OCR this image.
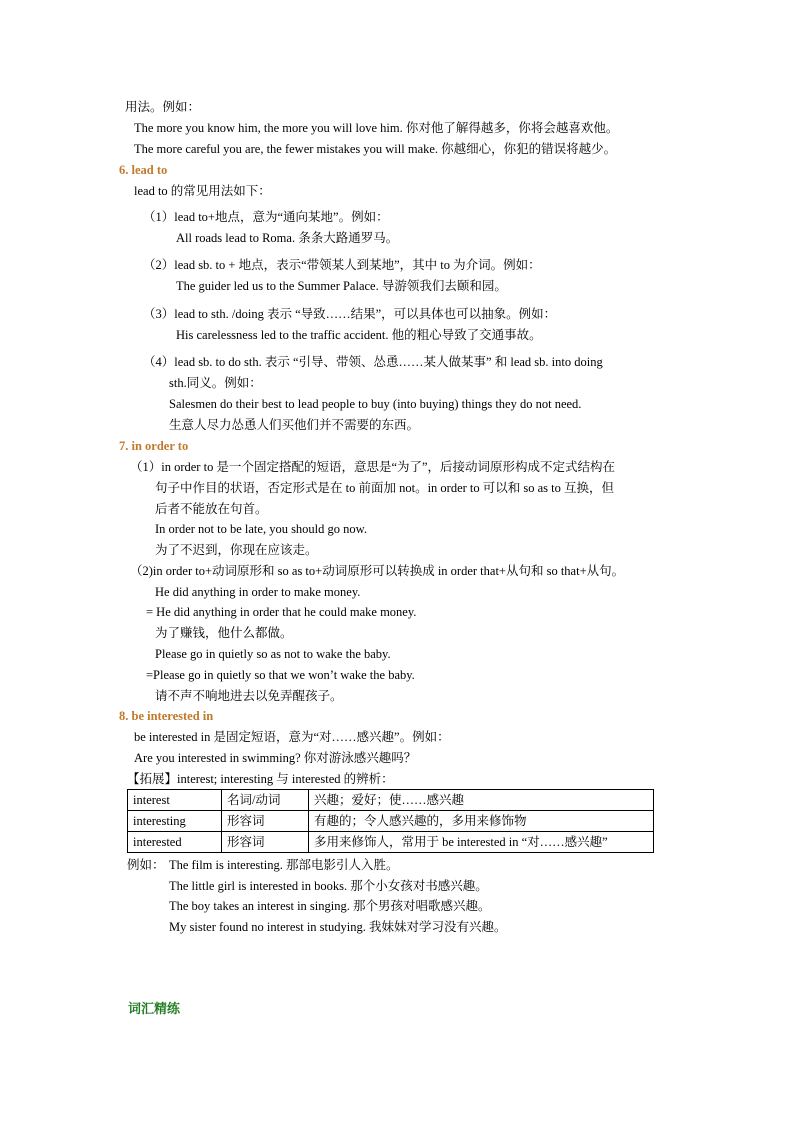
用法。例如：
The more you know him, the more you will love him. 你对他了解得越多，你将会越喜欢他。
The more careful you are, the fewer mistakes you will make. 你越细心，你犯的错误将越少。
6. lead to
lead to 的常见用法如下：
（1）lead to+地点，意为“通向某地”。例如：
All roads lead to Roma. 条条大路通罗马。
（2）lead sb. to + 地点，表示“带领某人到某地”，其中 to 为介词。例如：
The guider led us to the Summer Palace. 导游领我们去颐和园。
（3）lead to sth. /doing 表示 “导致……结果”，可以具体也可以抽象。例如：
His carelessness led to the traffic accident. 他的粗心导致了交通事故。
（4）lead sb. to do sth. 表示 “引导、带领、怂恿……某人做某事” 和 lead sb. into doing
sth.同义。例如：
Salesmen do their best to lead people to buy (into buying) things they do not need.
生意人尽力怂恿人们买他们并不需要的东西。
7. in order to
（1）in order to 是一个固定搭配的短语，意思是“为了”，后接动词原形构成不定式结构在
句子中作目的状语，否定形式是在 to 前面加 not。in order to 可以和 so as to 互换，但
后者不能放在句首。
In order not to be late, you should go now.
为了不迟到，你现在应该走。
（2)in order to+动词原形和 so as to+动词原形可以转换成 in order that+从句和 so that+从句。
He did anything in order to make money.
= He did anything in order that he could make money.
为了赚钱，他什么都做。
Please go in quietly so as not to wake the baby.
=Please go in quietly so that we won’t wake the baby.
请不声不响地进去以免弄醒孩子。
8. be interested in
be interested in 是固定短语，意为“对……感兴趣”。例如：
Are you interested in swimming? 你对游泳感兴趣吗？
【拓展】interest; interesting 与 interested 的辨析：
interest	名词/动词	兴趣；爱好；使……感兴趣
interesting	形容词	有趣的；令人感兴趣的，多用来修饰物
interested	形容词	多用来修饰人，常用于 be interested in “对……感兴趣”
例如： The film is interesting. 那部电影引人入胜。
The little girl is interested in books. 那个小女孩对书感兴趣。
The boy takes an interest in singing. 那个男孩对唱歌感兴趣。
My sister found no interest in studying. 我妹妹对学习没有兴趣。
词汇精练
